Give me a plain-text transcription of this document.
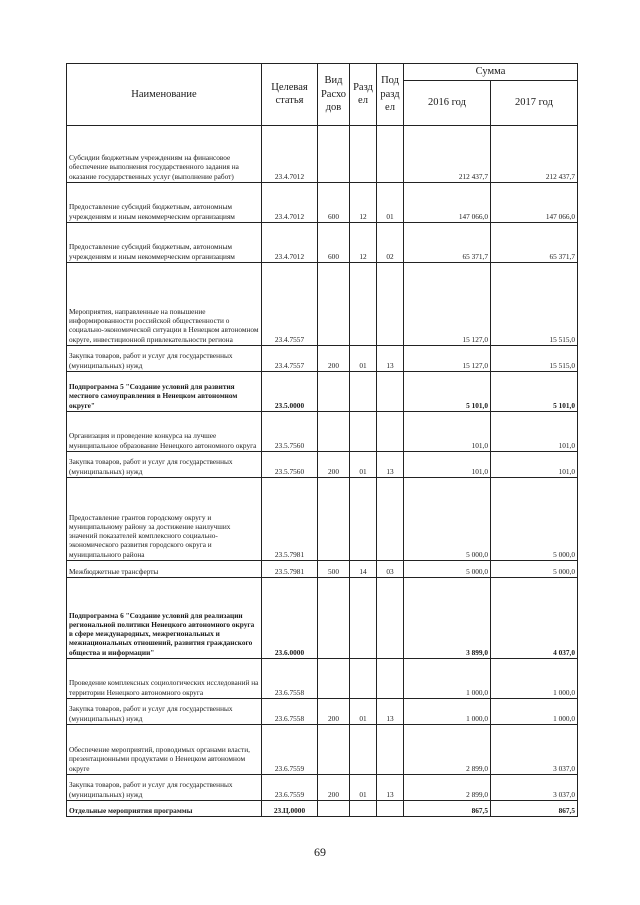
Наименование	Целевая статья	Вид Расхо дов	Разд ел	Под разд ел	Сумма	
					2016 год	2017 год
Субсидии бюджетным учреждениям на финансовое обеспечение выполнения государственного задания на оказание государственных услуг (выполнение работ)	23.4.7012				212 437,7	212 437,7
Предоставление субсидий бюджетным, автономным учреждениям и иным некоммерческим организациям	23.4.7012	600	12	01	147 066,0	147 066,0
Предоставление субсидий бюджетным, автономным учреждениям и иным некоммерческим организациям	23.4.7012	600	12	02	65 371,7	65 371,7
Мероприятия, направленные на повышение информированности российской общественности о социально-экономической ситуации в Ненецком автономном округе, инвестиционной привлекательности региона	23.4.7557				15 127,0	15 515,0
Закупка товаров, работ и услуг для государственных (муниципальных) нужд	23.4.7557	200	01	13	15 127,0	15 515,0
Подпрограмма 5 "Создание условий для развития местного самоуправления в Ненецком автономном округе"	23.5.0000				5 101,0	5 101,0
Организация и проведение конкурса на лучшее муниципальное образование Ненецкого автономного округа	23.5.7560				101,0	101,0
Закупка товаров, работ и услуг для государственных (муниципальных) нужд	23.5.7560	200	01	13	101,0	101,0
Предоставление грантов городскому округу и муниципальному району за достижение наилучших значений показателей комплексного социально-экономического развития городского округа и муниципального района	23.5.7981				5 000,0	5 000,0
Межбюджетные трансферты	23.5.7981	500	14	03	5 000,0	5 000,0
Подпрограмма 6 "Создание условий для реализации региональной политики Ненецкого автономного округа в сфере международных, межрегиональных и межнациональных отношений, развития гражданского общества и информации"	23.6.0000				3 899,0	4 037,0
Проведение комплексных социологических исследований на территории Ненецкого автономного округа	23.6.7558				1 000,0	1 000,0
Закупка товаров, работ и услуг для государственных (муниципальных) нужд	23.6.7558	200	01	13	1 000,0	1 000,0
Обеспечение мероприятий, проводимых органами власти, презентационными продуктами о Ненецком автономном округе	23.6.7559				2 899,0	3 037,0
Закупка товаров, работ и услуг для государственных (муниципальных) нужд	23.6.7559	200	01	13	2 899,0	3 037,0
Отдельные мероприятия программы	23.Ц.0000				867,5	867,5
69
